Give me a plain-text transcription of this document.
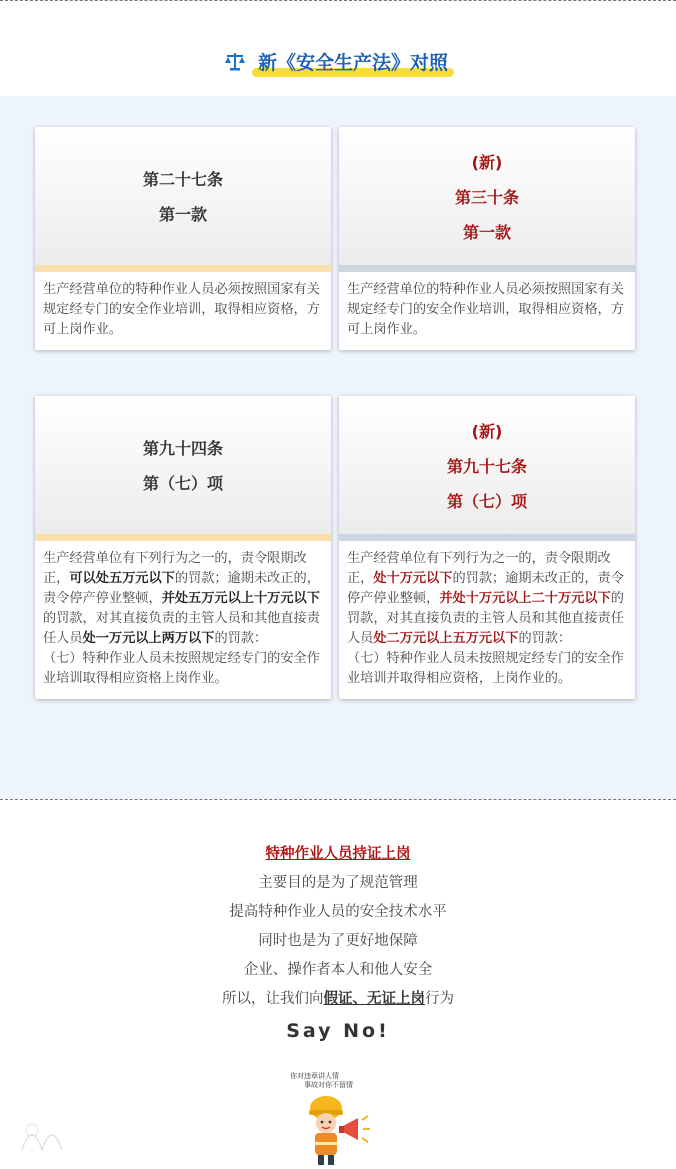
新《安全生产法》对照
第二十七条
第一款
生产经营单位的特种作业人员必须按照国家有关规定经专门的安全作业培训，取得相应资格，方可上岗作业。
(新)
第三十条
第一款
生产经营单位的特种作业人员必须按照国家有关规定经专门的安全作业培训，取得相应资格，方可上岗作业。
第九十四条
第（七）项
生产经营单位有下列行为之一的，责令限期改正，可以处五万元以下的罚款；逾期未改正的，责令停产停业整顿，并处五万元以上十万元以下的罚款，对其直接负责的主管人员和其他直接责任人员处一万元以上两万以下的罚款：
（七）特种作业人员未按照规定经专门的安全作业培训取得相应资格上岗作业。
(新)
第九十七条
第（七）项
生产经营单位有下列行为之一的，责令限期改正，处十万元以下的罚款；逾期未改正的，责令停产停业整顿，并处十万元以上二十万元以下的罚款，对其直接负责的主管人员和其他直接责任人员处二万元以上五万元以下的罚款：
（七）特种作业人员未按照规定经专门的安全作业培训并取得相应资格，上岗作业的。
特种作业人员持证上岗
主要目的是为了规范管理
提高特种作业人员的安全技术水平
同时也是为了更好地保障
企业、操作者本人和他人安全
所以，让我们向假证、无证上岗行为
Say No!
你对违章讲人情
事故对你不留情
